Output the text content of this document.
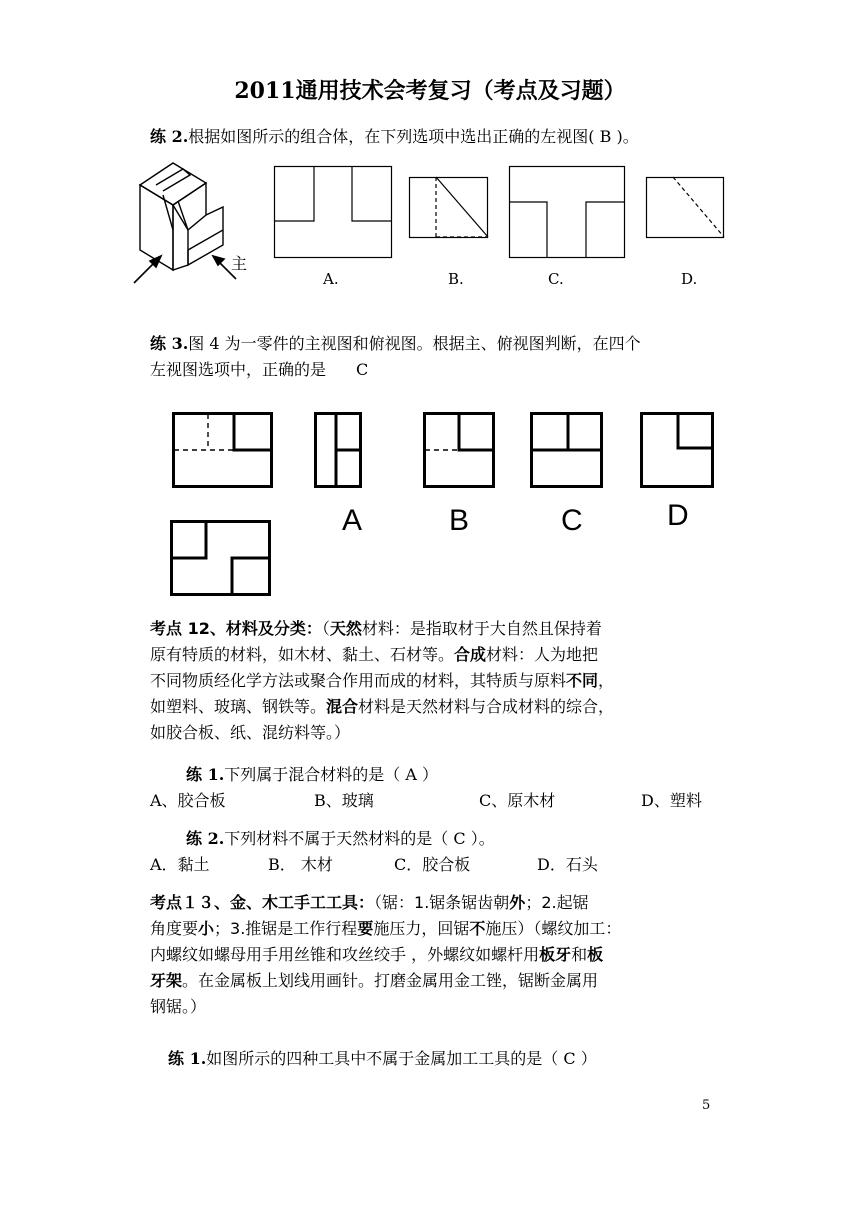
2011通用技术会考复习（考点及习题）
练 2.根据如图所示的组合体，在下列选项中选出正确的左视图( B )。
主
A.	B.	C.	D.
练 3.图 4 为一零件的主视图和俯视图。根据主、俯视图判断，在四个
左视图选项中，正确的是 C
A	B	C	D
考点 12、材料及分类：（天然材料：是指取材于大自然且保持着
原有特质的材料，如木材、黏土、石材等。合成材料：人为地把
不同物质经化学方法或聚合作用而成的材料，其特质与原料不同，
如塑料、玻璃、钢铁等。混合材料是天然材料与合成材料的综合，
如胶合板、纸、混纺料等。）
练 1.下列属于混合材料的是（ A ）
A、胶合板	B、玻璃	C、原木材	D、塑料
练 2.下列材料不属于天然材料的是（ C ）。
A．黏土	B． 木材	C．胶合板	D．石头
考点１３、金、木工手工工具：（锯：1.锯条锯齿朝外；2.起锯
角度要小；3.推锯是工作行程要施压力，回锯不施压）（螺纹加工：
内螺纹如螺母用手用丝锥和攻丝绞手 ，外螺纹如螺杆用板牙和板
牙架。在金属板上划线用画针。打磨金属用金工锉，锯断金属用
钢锯。）
练 1.如图所示的四种工具中不属于金属加工工具的是（ C ）
5
